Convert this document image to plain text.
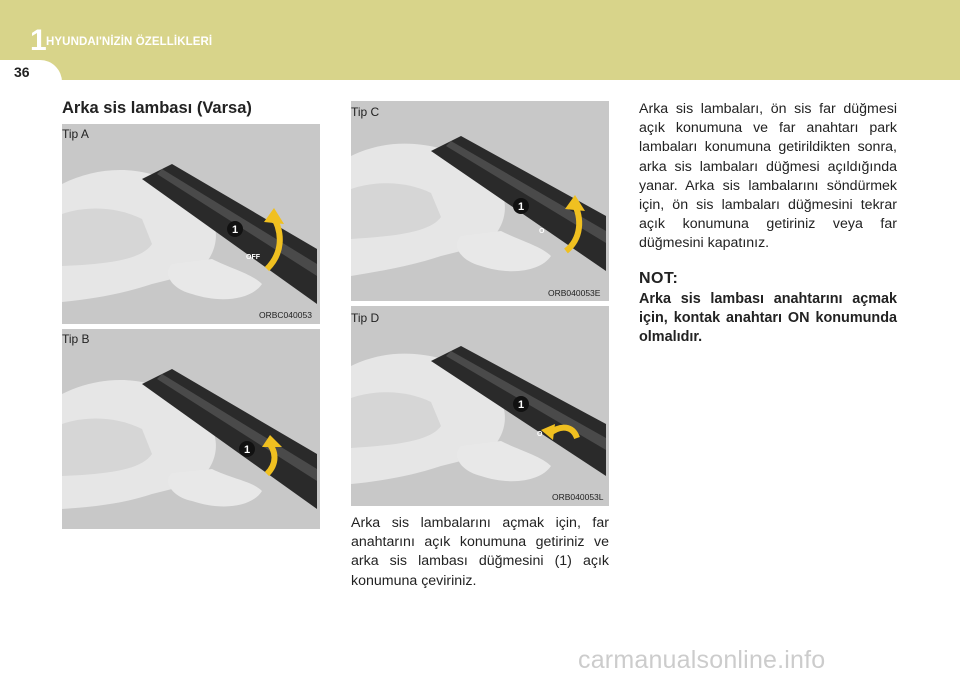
1 HYUNDAI'NİZİN ÖZELLİKLERİ
36
Arka sis lambası (Varsa)
1
OFF
Tip A
ORBC040053
1
Tip B
1
O
Tip C
ORB040053E
1
O
Tip D
ORB040053L
Arka sis lambalarını açmak için, far anahtarını açık konumuna getiriniz ve arka sis lambası düğmesini (1) açık konumuna çeviriniz.
Arka sis lambaları, ön sis far düğmesi açık konumuna ve far anahtarı park lambaları konumuna getirildikten sonra, arka sis lambaları düğmesi açıldığında yanar. Arka sis lambalarını söndürmek için, ön sis lambaları düğmesini tekrar açık konumuna getiriniz veya far düğmesini kapatınız.
NOT:
Arka sis lambası anahtarını açmak için, kontak anahtarı ON konumunda olmalıdır.
carmanualsonline.info
